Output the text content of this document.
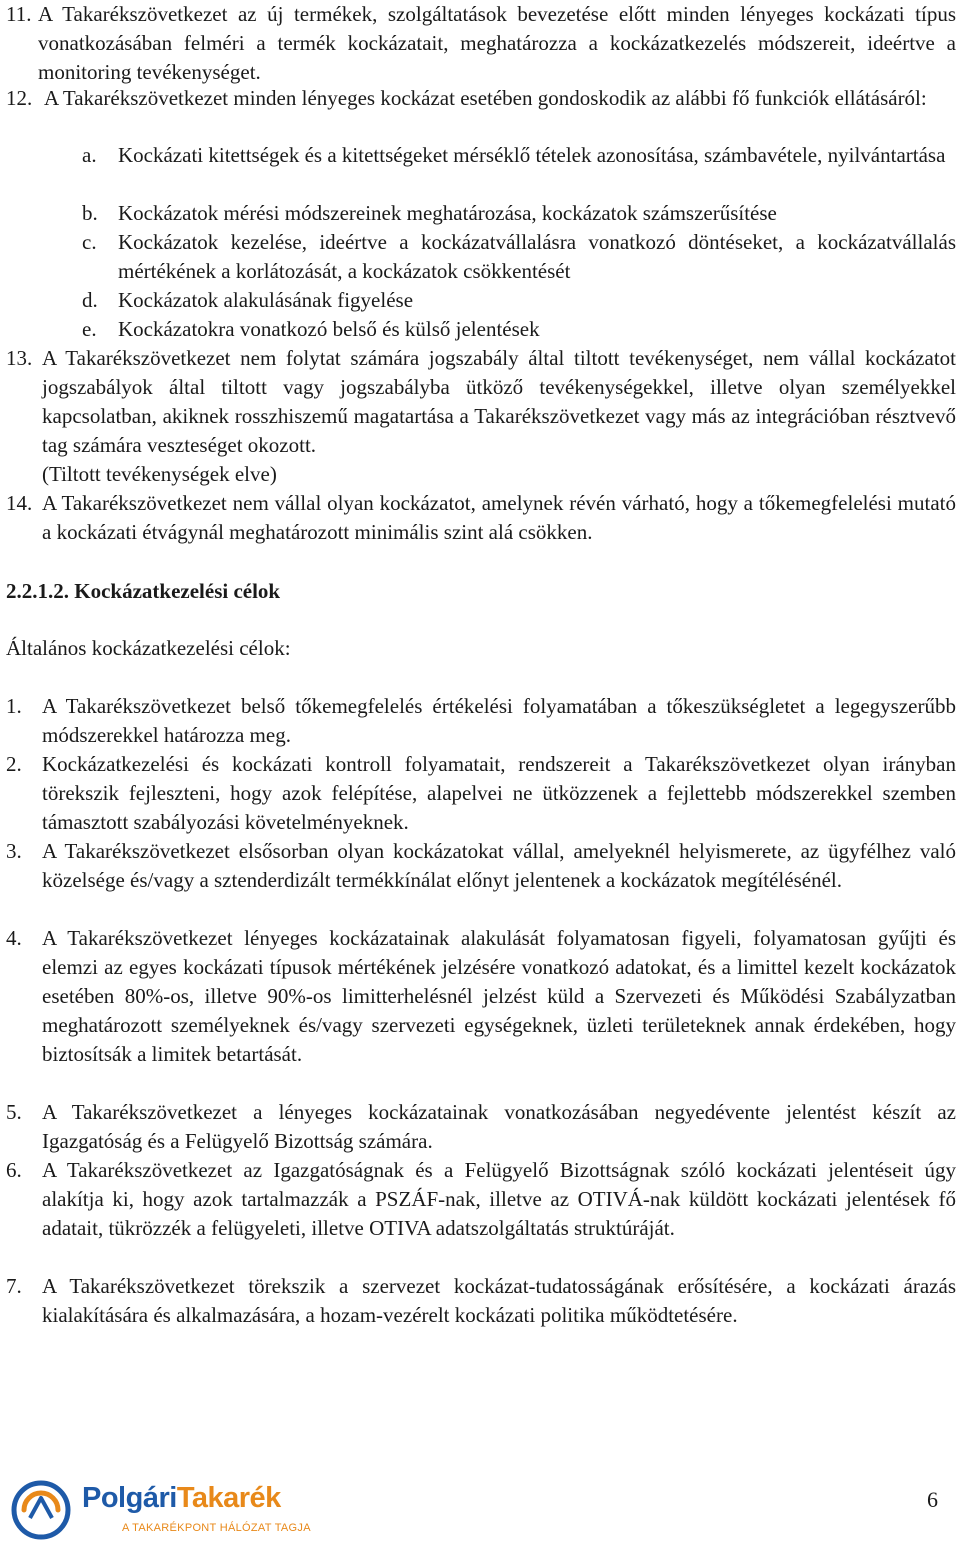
11. A Takarékszövetkezet az új termékek, szolgáltatások bevezetése előtt minden lényeges kockázati típus vonatkozásában felméri a termék kockázatait, meghatározza a kockázatkezelés módszereit, ideértve a monitoring tevékenységet.

12. A Takarékszövetkezet minden lényeges kockázat esetében gondoskodik az alábbi fő funkciók ellátásáról:

a. Kockázati kitettségek és a kitettségeket mérséklő tételek azonosítása, számbavétele, nyilvántartása

b. Kockázatok mérési módszereinek meghatározása, kockázatok számszerűsítése

c. Kockázatok kezelése, ideértve a kockázatvállalásra vonatkozó döntéseket, a kockázatvállalás mértékének a korlátozását, a kockázatok csökkentését

d. Kockázatok alakulásának figyelése

e. Kockázatokra vonatkozó belső és külső jelentések

13. A Takarékszövetkezet nem folytat számára jogszabály által tiltott tevékenységet, nem vállal kockázatot jogszabályok által tiltott vagy jogszabályba ütköző tevékenységekkel, illetve olyan személyekkel kapcsolatban, akiknek rosszhiszemű magatartása a Takarékszövetkezet vagy más az integrációban résztvevő tag számára veszteséget okozott.

(Tiltott tevékenységek elve)

14. A Takarékszövetkezet nem vállal olyan kockázatot, amelynek révén várható, hogy a tőkemegfelelési mutató a kockázati étvágynál meghatározott minimális szint alá csökken.

2.2.1.2. Kockázatkezelési célok
Általános kockázatkezelési célok:
1. A Takarékszövetkezet belső tőkemegfelelés értékelési folyamatában a tőkeszükségletet a legegyszerűbb módszerekkel határozza meg.

2. Kockázatkezelési és kockázati kontroll folyamatait, rendszereit a Takarékszövetkezet olyan irányban törekszik fejleszteni, hogy azok felépítése, alapelvei ne ütközzenek a fejlettebb módszerekkel szemben támasztott szabályozási követelményeknek.

3. A Takarékszövetkezet elsősorban olyan kockázatokat vállal, amelyeknél helyismerete, az ügyfélhez való közelsége és/vagy a sztenderdizált termékkínálat előnyt jelentenek a kockázatok megítélésénél.

4. A Takarékszövetkezet lényeges kockázatainak alakulását folyamatosan figyeli, folyamatosan gyűjti és elemzi az egyes kockázati típusok mértékének jelzésére vonatkozó adatokat, és a limittel kezelt kockázatok esetében 80%-os, illetve 90%-os limitterhelésnél jelzést küld a Szervezeti és Működési Szabályzatban meghatározott személyeknek és/vagy szervezeti egységeknek, üzleti területeknek annak érdekében, hogy biztosítsák a limitek betartását.

5. A Takarékszövetkezet a lényeges kockázatainak vonatkozásában negyedévente jelentést készít az Igazgatóság és a Felügyelő Bizottság számára.

6. A Takarékszövetkezet az Igazgatóságnak és a Felügyelő Bizottságnak szóló kockázati jelentéseit úgy alakítja ki, hogy azok tartalmazzák a PSZÁF-nak, illetve az OTIVÁ-nak küldött kockázati jelentések fő adatait, tükrözzék a felügyeleti, illetve OTIVA adatszolgáltatás struktúráját.

7. A Takarékszövetkezet törekszik a szervezet kockázat-tudatosságának erősítésére, a kockázati árazás kialakítására és alkalmazására, a hozam-vezérelt kockázati politika működtetésére.

PolgáriTakarék
A TAKARÉKPONT HÁLÓZAT TAGJA
6
